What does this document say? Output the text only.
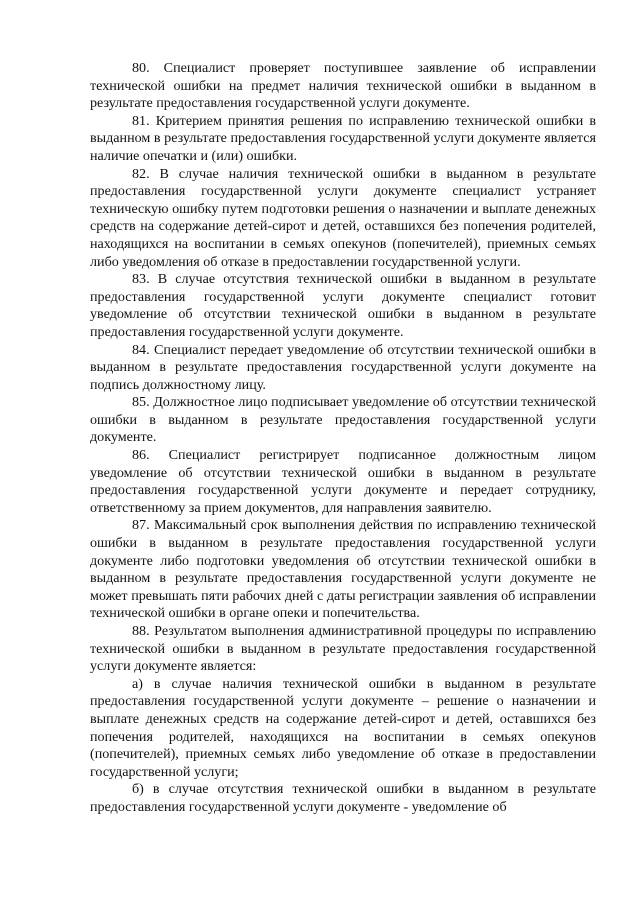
80. Специалист проверяет поступившее заявление об исправлении технической ошибки на предмет наличия технической ошибки в выданном в результате предоставления государственной услуги документе.

81. Критерием принятия решения по исправлению технической ошибки в выданном в результате предоставления государственной услуги документе является наличие опечатки и (или) ошибки.

82. В случае наличия технической ошибки в выданном в результате предоставления государственной услуги документе специалист устраняет техническую ошибку путем подготовки решения о назначении и выплате денежных средств на содержание детей-сирот и детей, оставшихся без попечения родителей, находящихся на воспитании в семьях опекунов (попечителей), приемных семьях либо уведомления об отказе в предоставлении государственной услуги.

83. В случае отсутствия технической ошибки в выданном в результате предоставления государственной услуги документе специалист готовит уведомление об отсутствии технической ошибки в выданном в результате предоставления государственной услуги документе.

84. Специалист передает уведомление об отсутствии технической ошибки в выданном в результате предоставления государственной услуги документе на подпись должностному лицу.

85. Должностное лицо подписывает уведомление об отсутствии технической ошибки в выданном в результате предоставления государственной услуги документе.

86. Специалист регистрирует подписанное должностным лицом уведомление об отсутствии технической ошибки в выданном в результате предоставления государственной услуги документе и передает сотруднику, ответственному за прием документов, для направления заявителю.

87. Максимальный срок выполнения действия по исправлению технической ошибки в выданном в результате предоставления государственной услуги документе либо подготовки уведомления об отсутствии технической ошибки в выданном в результате предоставления государственной услуги документе не может превышать пяти рабочих дней с даты регистрации заявления об исправлении технической ошибки в органе опеки и попечительства.

88. Результатом выполнения административной процедуры по исправлению технической ошибки в выданном в результате предоставления государственной услуги документе является:

а) в случае наличия технической ошибки в выданном в результате предоставления государственной услуги документе – решение о назначении и выплате денежных средств на содержание детей-сирот и детей, оставшихся без попечения родителей, находящихся на воспитании в семьях опекунов (попечителей), приемных семьях либо уведомление об отказе в предоставлении государственной услуги;

б) в случае отсутствия технической ошибки в выданном в результате предоставления государственной услуги документе - уведомление об
